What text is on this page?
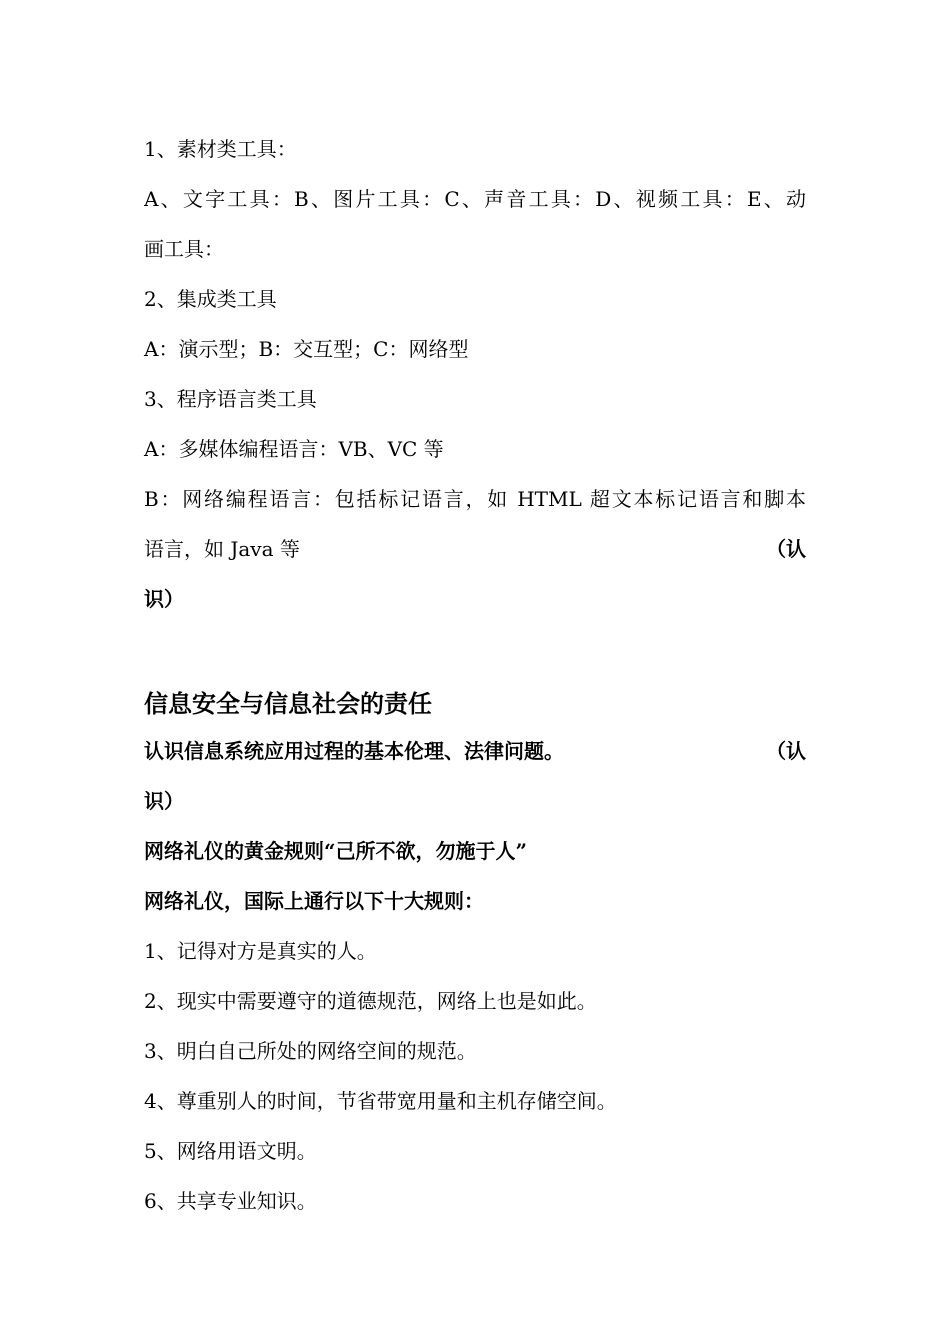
1、素材类工具：
A、文字工具：B、图片工具：C、声音工具：D、视频工具：E、动
画工具：
2、集成类工具
A：演示型；B：交互型；C：网络型
3、程序语言类工具
A：多媒体编程语言：VB、VC 等
B：网络编程语言：包括标记语言，如 HTML 超文本标记语言和脚本
语言，如 Java 等	（认
识）
信息安全与信息社会的责任
认识信息系统应用过程的基本伦理、法律问题。	（认
识）
网络礼仪的黄金规则“己所不欲，勿施于人”
网络礼仪，国际上通行以下十大规则：
1、记得对方是真实的人。
2、现实中需要遵守的道德规范，网络上也是如此。
3、明白自己所处的网络空间的规范。
4、尊重别人的时间，节省带宽用量和主机存储空间。
5、网络用语文明。
6、共享专业知识。
